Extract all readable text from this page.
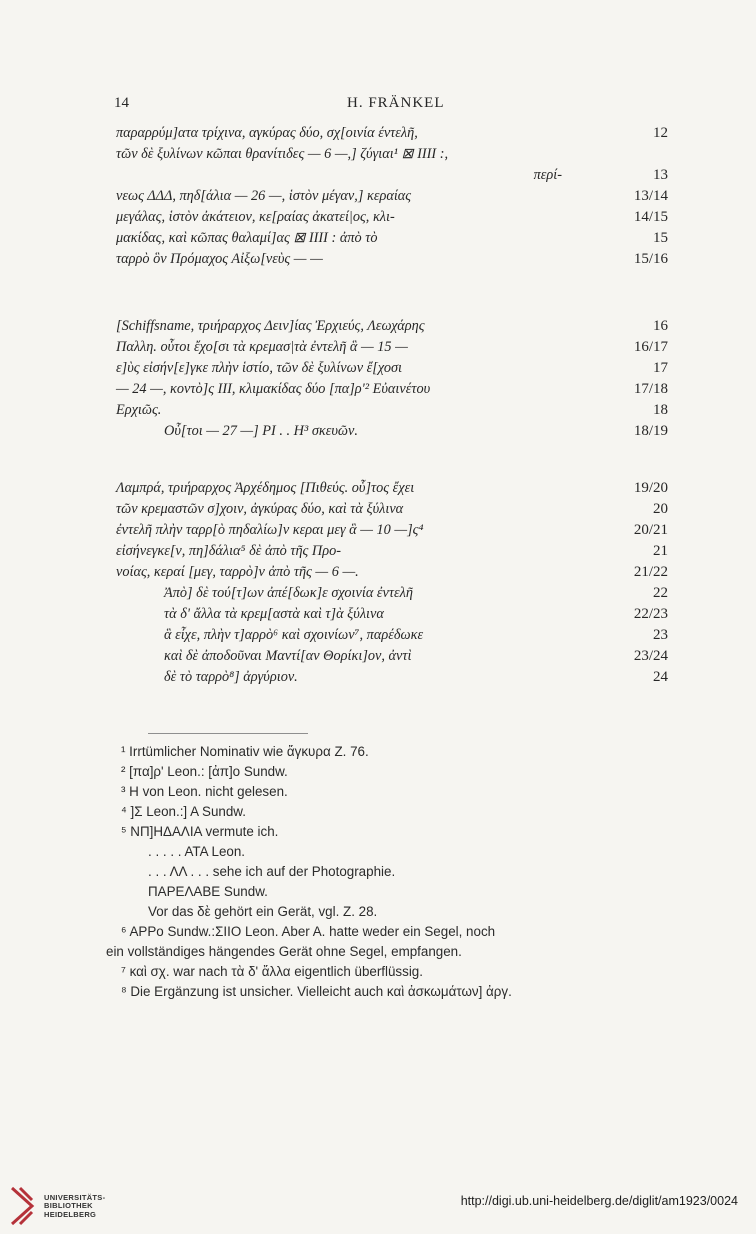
14	H. FRÄNKEL
παραρρύμ]ατα τρίχινα, αγκύρας δύο, σχ[οινία έντελῆ,	12
τῶν δὲ ξυλίνων κῶπαι θρανίτιδες — 6 —,] ζύγιαι¹ ⊠ IIII :,
περί-	13
νεως ΔΔΔ, πηδ[άλια — 26 —, ἱστὸν μέγαν,] κεραίας	13/14
μεγάλας, ἱστὸν ἀκάτειον, κε[ραίας ἀκατεί|ος, κλι-	14/15
μακίδας, καὶ κῶπας θαλαμί]ας ⊠ IIII : ἀπὸ τὸ	15
ταρρὸ ὃν Πρόμαχος Αἰξω[νεὺς — —	15/16
[Schiffsname, τριήραρχος Δειν]ίας Ἐρχιεύς, Λεωχάρης	16
Παλλη. οὗτοι ἔχο[σι τὰ κρεμασ|τὰ ἐντελῆ ἃ — 15 —	16/17
ε]ὺς εἰσήν[ε]γκε πλὴν ἱστίο, τῶν δὲ ξυλίνων ἔ[χοσι	17
— 24 —, κοντὸ]ς III, κλιμακίδας δύο [πα]ρ'² Εὐαινέτου	17/18
Ερχιῶς.	18
Οὗ[τοι — 27 —] ΡΙ . . Η³ σκευῶν.	18/19
Λαμπρά, τριήραρχος Ἀρχέδημος [Πιθεύς. οὗ]τος ἔχει	19/20
τῶν κρεμαστῶν σ]χοιν, ἀγκύρας δύο, καὶ τὰ ξύλινα	20
ἐντελῆ πλὴν ταρρ[ὸ πηδαλίω]ν κεραι μεγ ἃ — 10 —]ς⁴	20/21
εἰσήνεγκε[ν, πη]δάλια⁵ δὲ ἀπὸ τῆς Προ-	21
νοίας, κεραί [μεγ, ταρρὸ]ν ἀπὸ τῆς — 6 —.	21/22
Ἀπὸ] δὲ τού[τ]ων ἀπέ[δωκ]ε σχοινία ἐντελῆ	22
τὰ δ' ἄλλα τὰ κρεμ[αστὰ καὶ τ]ὰ ξύλινα	22/23
ἃ εἶχε, πλὴν τ]αρρὸ⁶ καὶ σχοινίων⁷, παρέδωκε	23
καὶ δὲ ἀποδοῦναι Μαντί[αν Θορίκι]ον, ἀντὶ	23/24
δὲ τὸ ταρρὸ⁸] ἀργύριον.	24
¹ Irrtümlicher Nominativ wie ἄγκυρα Z. 76.
² [πα]ρ' Leon.: [ἀπ]ο Sundw.
³ H von Leon. nicht gelesen.
⁴ ]Σ Leon.:] A Sundw.
⁵ ΝΠ]ΗΔΑΛΙΑ vermute ich.
. . . . . ΑΤΑ Leon.
. . . ΛΛ . . . sehe ich auf der Photographie.
ΠΑΡΕΛΑΒΕ Sundw.
Vor das δὲ gehört ein Gerät, vgl. Z. 28.
⁶ ΑΡΡο Sundw.:ΣΙΙΟ Leon. Aber A. hatte weder ein Segel, noch
ein vollständiges hängendes Gerät ohne Segel, empfangen.
⁷ καὶ σχ. war nach τὰ δ' ἄλλα eigentlich überflüssig.
⁸ Die Ergänzung ist unsicher. Vielleicht auch καὶ ἀσκωμάτων] ἀργ.
UNIVERSITÄTS-
BIBLIOTHEK
HEIDELBERG
http://digi.ub.uni-heidelberg.de/diglit/am1923/0024
